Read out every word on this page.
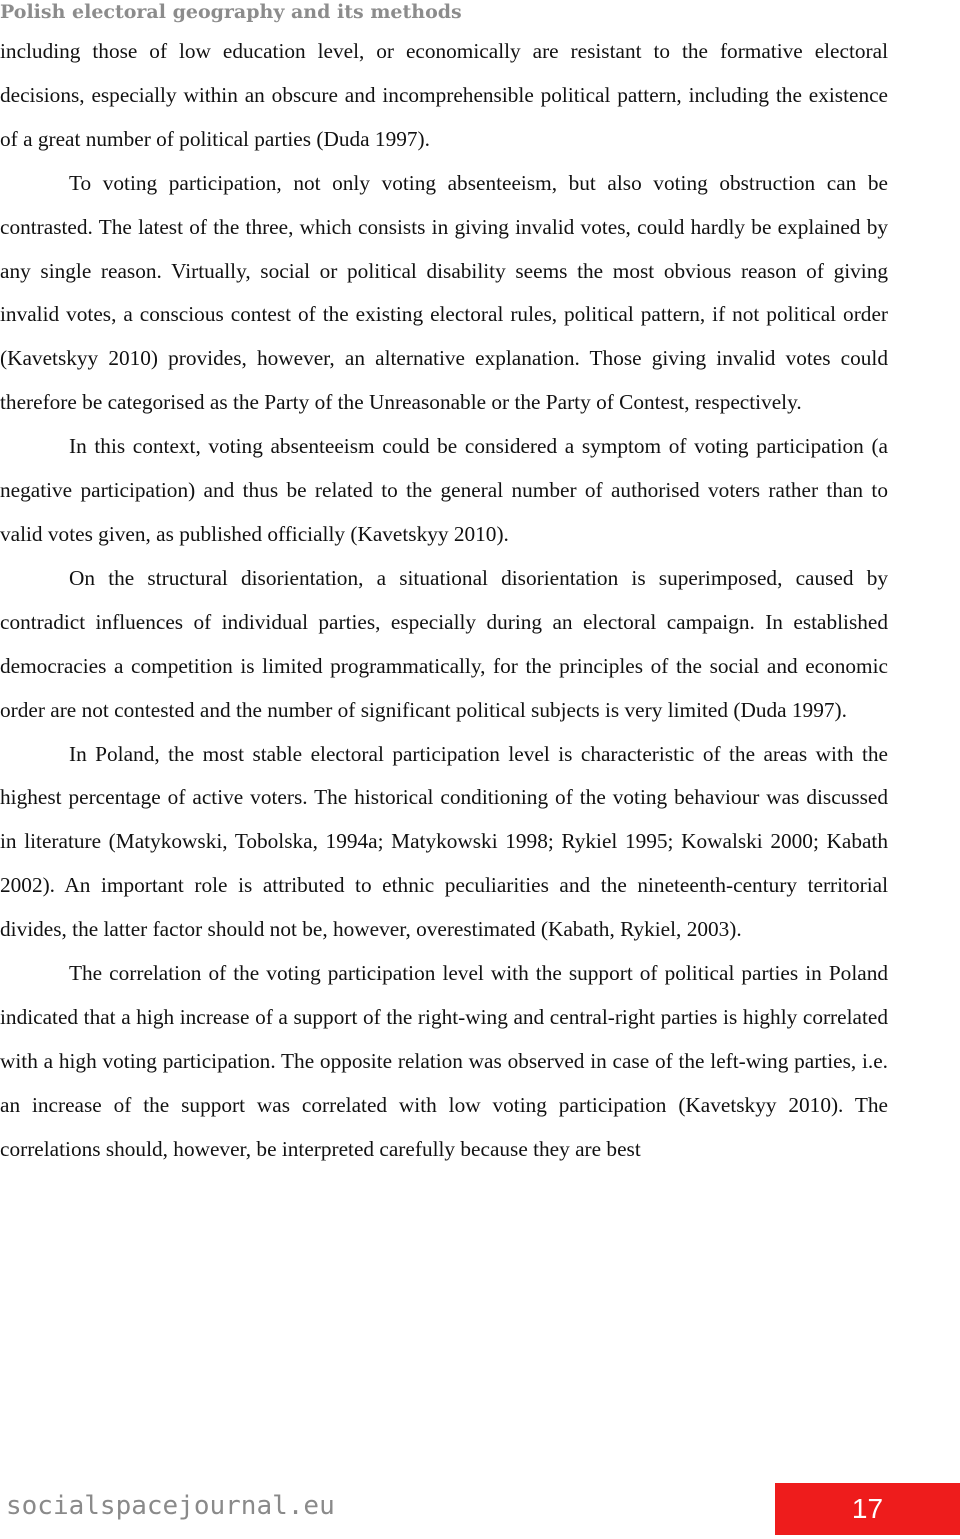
Polish electoral geography and its methods

including those of low education level, or economically are resistant to the formative electoral decisions, especially within an obscure and incomprehensible political pattern, including the existence of a great number of political parties (Duda 1997).

To voting participation, not only voting absenteeism, but also voting obstruction can be contrasted. The latest of the three, which consists in giving invalid votes, could hardly be explained by any single reason. Virtually, social or political disability seems the most obvious reason of giving invalid votes, a conscious contest of the existing electoral rules, political pattern, if not political order (Kavetskyy 2010) provides, however, an alternative explanation. Those giving invalid votes could therefore be categorised as the Party of the Unreasonable or the Party of Contest, respectively.

In this context, voting absenteeism could be considered a symptom of voting participation (a negative participation) and thus be related to the general number of authorised voters rather than to valid votes given, as published officially (Kavetskyy 2010).

On the structural disorientation, a situational disorientation is superimposed, caused by contradict influences of individual parties, especially during an electoral campaign. In established democracies a competition is limited programmatically, for the principles of the social and economic order are not contested and the number of significant political subjects is very limited (Duda 1997).

In Poland, the most stable electoral participation level is characteristic of the areas with the highest percentage of active voters. The historical conditioning of the voting behaviour was discussed in literature (Matykowski, Tobolska, 1994a; Matykowski 1998; Rykiel 1995; Kowalski 2000; Kabath 2002). An important role is attributed to ethnic peculiarities and the nineteenth-century territorial divides, the latter factor should not be, however, overestimated (Kabath, Rykiel, 2003).

The correlation of the voting participation level with the support of political parties in Poland indicated that a high increase of a support of the right-wing and central-right parties is highly correlated with a high voting participation. The opposite relation was observed in case of the left-wing parties, i.e. an increase of the support was correlated with low voting participation (Kavetskyy 2010). The correlations should, however, be interpreted carefully because they are best

socialspacejournal.eu	17
